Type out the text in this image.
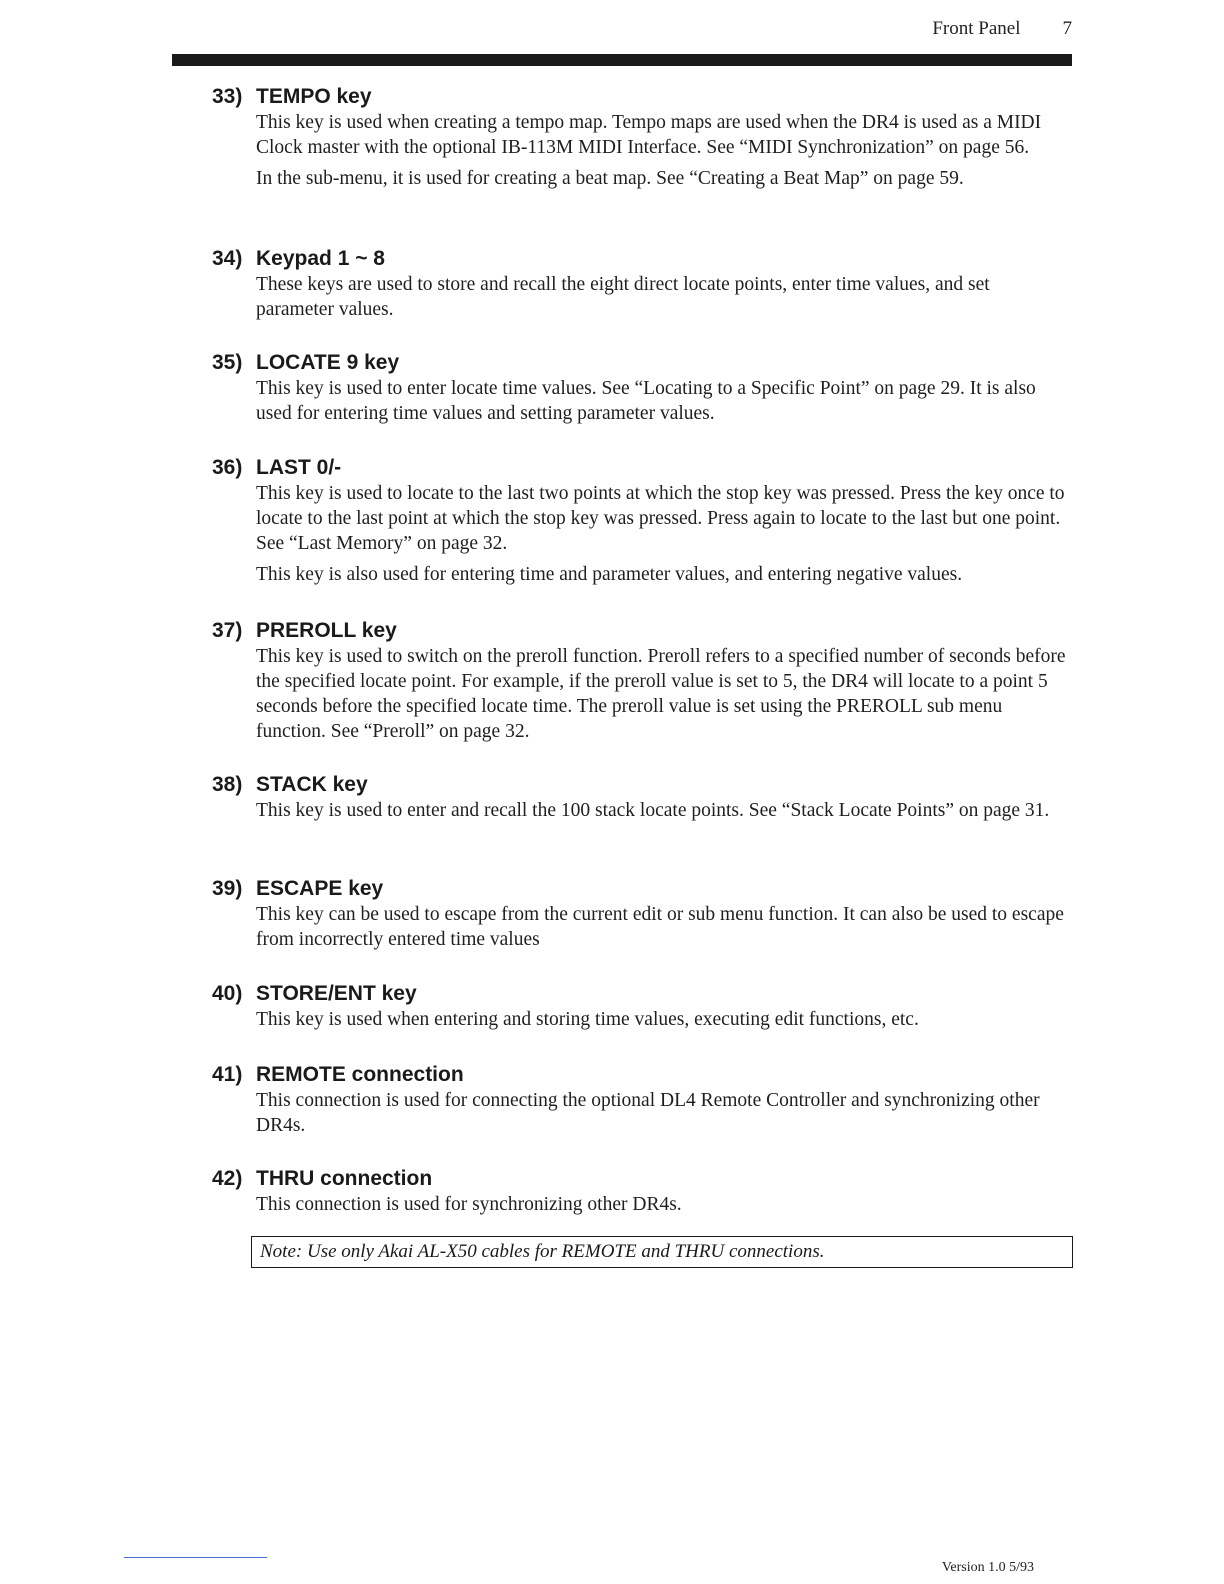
Front Panel 7
33) TEMPO key

This key is used when creating a tempo map. Tempo maps are used when the DR4 is used as a MIDI Clock master with the optional IB-113M MIDI Interface. See “MIDI Synchronization” on page 56.

In the sub-menu, it is used for creating a beat map. See “Creating a Beat Map” on page 59.

34) Keypad 1 ~ 8

These keys are used to store and recall the eight direct locate points, enter time values, and set parameter values.

35) LOCATE 9 key

This key is used to enter locate time values. See “Locating to a Specific Point” on page 29. It is also used for entering time values and setting parameter values.

36) LAST 0/-

This key is used to locate to the last two points at which the stop key was pressed. Press the key once to locate to the last point at which the stop key was pressed. Press again to locate to the last but one point. See “Last Memory” on page 32.

This key is also used for entering time and parameter values, and entering negative values.

37) PREROLL key

This key is used to switch on the preroll function. Preroll refers to a specified number of seconds before the specified locate point. For example, if the preroll value is set to 5, the DR4 will locate to a point 5 seconds before the specified locate time. The preroll value is set using the PREROLL sub menu function. See “Preroll” on page 32.

38) STACK key

This key is used to enter and recall the 100 stack locate points. See “Stack Locate Points” on page 31.

39) ESCAPE key

This key can be used to escape from the current edit or sub menu function. It can also be used to escape from incorrectly entered time values

40) STORE/ENT key

This key is used when entering and storing time values, executing edit functions, etc.

41) REMOTE connection

This connection is used for connecting the optional DL4 Remote Controller and synchronizing other DR4s.

42) THRU connection

This connection is used for synchronizing other DR4s.

Note: Use only Akai AL-X50 cables for REMOTE and THRU connections.
Version 1.0 5/93
